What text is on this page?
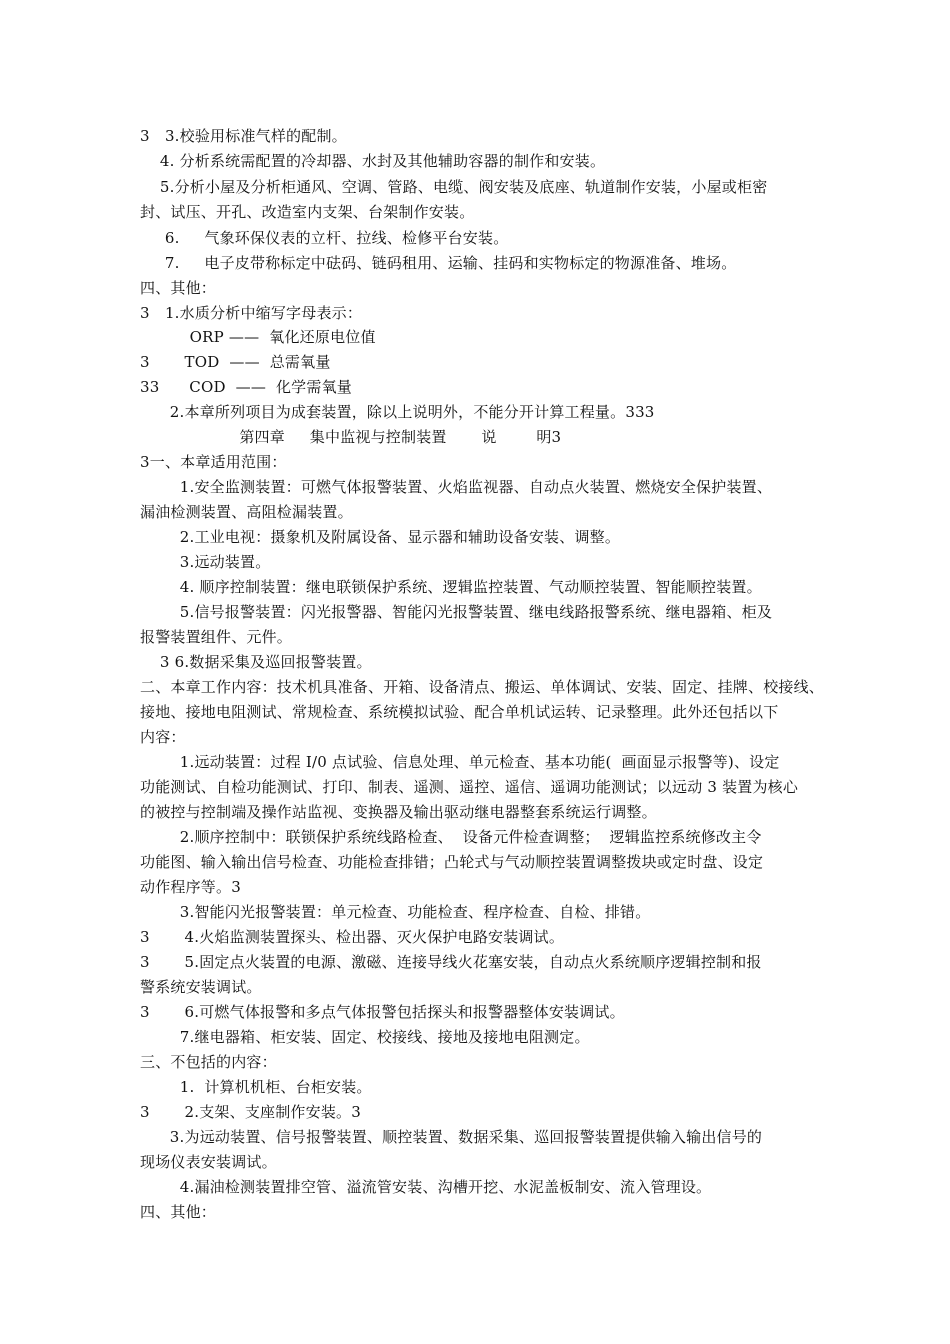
3　3.校验用标准气样的配制。
4. 分析系统需配置的冷却器、水封及其他辅助容器的制作和安装。
5.分析小屋及分析柜通风、空调、管路、电缆、阀安装及底座、轨道制作安装，小屋或柜密
封、试压、开孔、改造室内支架、台架制作安装。
6.     气象环保仪表的立杆、拉线、检修平台安装。
7.     电子皮带称标定中砝码、链码租用、运输、挂码和实物标定的物源准备、堆场。
四、其他：
3　1.水质分析中缩写字母表示：
ORP ——  氧化还原电位值
3       TOD  ——  总需氧量
33      COD  ——  化学需氧量
2.本章所列项目为成套装置，除以上说明外，不能分开计算工程量。333
第四章     集中监视与控制装置       说        明3
3一、本章适用范围：
1.安全监测装置：可燃气体报警装置、火焰监视器、自动点火装置、燃烧安全保护装置、
漏油检测装置、高阻检漏装置。
2.工业电视：摄象机及附属设备、显示器和辅助设备安装、调整。
3.远动装置。
4. 顺序控制装置：继电联锁保护系统、逻辑监控装置、气动顺控装置、智能顺控装置。
5.信号报警装置：闪光报警器、智能闪光报警装置、继电线路报警系统、继电器箱、柜及
报警装置组件、元件。
3 6.数据采集及巡回报警装置。
二、本章工作内容：技术机具准备、开箱、设备清点、搬运、单体调试、安装、固定、挂牌、校接线、
接地、接地电阻测试、常规检查、系统模拟试验、配合单机试运转、记录整理。此外还包括以下
内容：
1.远动装置：过程 I/0 点试验、信息处理、单元检查、基本功能(  画面显示报警等)、设定
功能测试、自检功能测试、打印、制表、遥测、遥控、遥信、遥调功能测试；以远动 3 装置为核心
的被控与控制端及操作站监视、变换器及输出驱动继电器整套系统运行调整。
2.顺序控制中：联锁保护系统线路检查、  设备元件检查调整；  逻辑监控系统修改主令
功能图、输入输出信号检查、功能检查排错；凸轮式与气动顺控装置调整拨块或定时盘、设定
动作程序等。3
3.智能闪光报警装置：单元检查、功能检查、程序检查、自检、排错。
3       4.火焰监测装置探头、检出器、灭火保护电路安装调试。
3       5.固定点火装置的电源、激磁、连接导线火花塞安装，自动点火系统顺序逻辑控制和报
警系统安装调试。
3       6.可燃气体报警和多点气体报警包括探头和报警器整体安装调试。
7.继电器箱、柜安装、固定、校接线、接地及接地电阻测定。
三、不包括的内容：
1.  计算机机柜、台柜安装。
3       2.支架、支座制作安装。3
3.为远动装置、信号报警装置、顺控装置、数据采集、巡回报警装置提供输入输出信号的
现场仪表安装调试。
4.漏油检测装置排空管、溢流管安装、沟槽开挖、水泥盖板制安、流入管理设。
四、其他：
